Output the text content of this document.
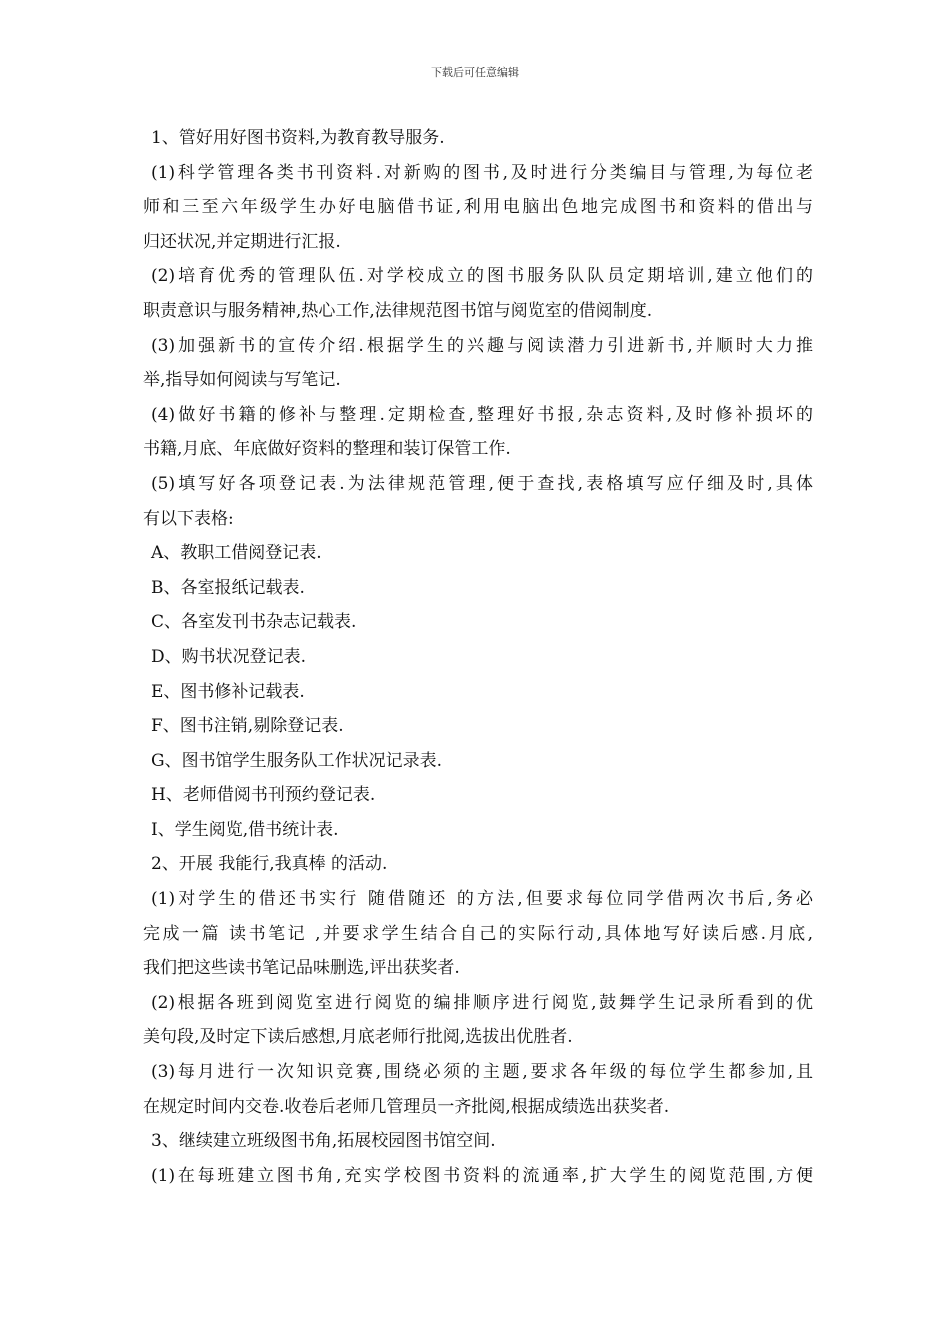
下载后可任意编辑
1、管好用好图书资料,为教育教导服务.
(1)科学管理各类书刊资料.对新购的图书,及时进行分类编目与管理,为每位老
师和三至六年级学生办好电脑借书证,利用电脑出色地完成图书和资料的借出与
归还状况,并定期进行汇报.
(2)培育优秀的管理队伍.对学校成立的图书服务队队员定期培训,建立他们的
职责意识与服务精神,热心工作,法律规范图书馆与阅览室的借阅制度.
(3)加强新书的宣传介绍.根据学生的兴趣与阅读潜力引进新书,并顺时大力推
举,指导如何阅读与写笔记.
(4)做好书籍的修补与整理.定期检查,整理好书报,杂志资料,及时修补损坏的
书籍,月底、年底做好资料的整理和装订保管工作.
(5)填写好各项登记表.为法律规范管理,便于查找,表格填写应仔细及时,具体
有以下表格:
A、教职工借阅登记表.
B、各室报纸记载表.
C、各室发刊书杂志记载表.
D、购书状况登记表.
E、图书修补记载表.
F、图书注销,剔除登记表.
G、图书馆学生服务队工作状况记录表.
H、老师借阅书刊预约登记表.
I、学生阅览,借书统计表.
2、开展 我能行,我真棒 的活动.
(1)对学生的借还书实行 随借随还 的方法,但要求每位同学借两次书后,务必
完成一篇 读书笔记 ,并要求学生结合自己的实际行动,具体地写好读后感.月底,
我们把这些读书笔记品味删选,评出获奖者.
(2)根据各班到阅览室进行阅览的编排顺序进行阅览,鼓舞学生记录所看到的优
美句段,及时定下读后感想,月底老师行批阅,选拔出优胜者.
(3)每月进行一次知识竞赛,围绕必须的主题,要求各年级的每位学生都参加,且
在规定时间内交卷.收卷后老师几管理员一齐批阅,根据成绩选出获奖者.
3、继续建立班级图书角,拓展校园图书馆空间.
(1)在每班建立图书角,充实学校图书资料的流通率,扩大学生的阅览范围,方便
